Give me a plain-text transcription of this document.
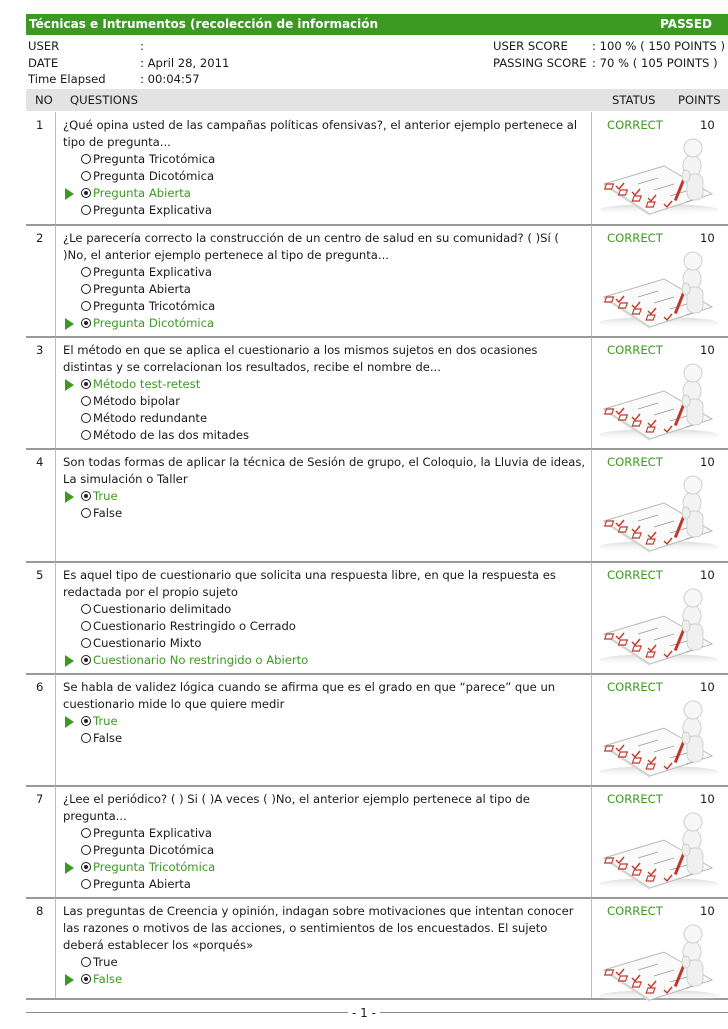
Técnicas e Intrumentos (recolección de información	PASSED
USER	:
DATE	: April 28, 2011
Time Elapsed	: 00:04:57
USER SCORE : 100 % ( 150 POINTS )
PASSING SCORE : 70 % ( 105 POINTS )
NO QUESTIONS	STATUS POINTS
1 ¿Qué opina usted de las campañas políticas ofensivas?, el anterior ejemplo pertenece al tipo de pregunta...
Pregunta Tricotómica
Pregunta Dicotómica
Pregunta Abierta
Pregunta Explicativa
CORRECT	10
2 ¿Le parecería correcto la construcción de un centro de salud en su comunidad? ( )Sí ( )No, el anterior ejemplo pertenece al tipo de pregunta...
Pregunta Explicativa
Pregunta Abierta
Pregunta Tricotómica
Pregunta Dicotómica
CORRECT	10
3 El método en que se aplica el cuestionario a los mismos sujetos en dos ocasiones distintas y se correlacionan los resultados, recibe el nombre de...
Método test-retest
Método bipolar
Método redundante
Método de las dos mitades
CORRECT	10
4 Son todas formas de aplicar la técnica de Sesión de grupo, el Coloquio, la Lluvia de ideas, La simulación o Taller
True
False
CORRECT	10
5 Es aquel tipo de cuestionario que solicita una respuesta libre, en que la respuesta es redactada por el propio sujeto
Cuestionario delimitado
Cuestionario Restringido o Cerrado
Cuestionario Mixto
Cuestionario No restringido o Abierto
CORRECT	10
6 Se habla de validez lógica cuando se afirma que es el grado en que “parece” que un cuestionario mide lo que quiere medir
True
False
CORRECT	10
7 ¿Lee el periódico? ( ) Si ( )A veces ( )No, el anterior ejemplo pertenece al tipo de pregunta...
Pregunta Explicativa
Pregunta Dicotómica
Pregunta Tricotómica
Pregunta Abierta
CORRECT	10
8 Las preguntas de Creencia y opinión, indagan sobre motivaciones que intentan conocer las razones o motivos de las acciones, o sentimientos de los encuestados. El sujeto deberá establecer los «porqués»
True
False
CORRECT	10
- 1 -
